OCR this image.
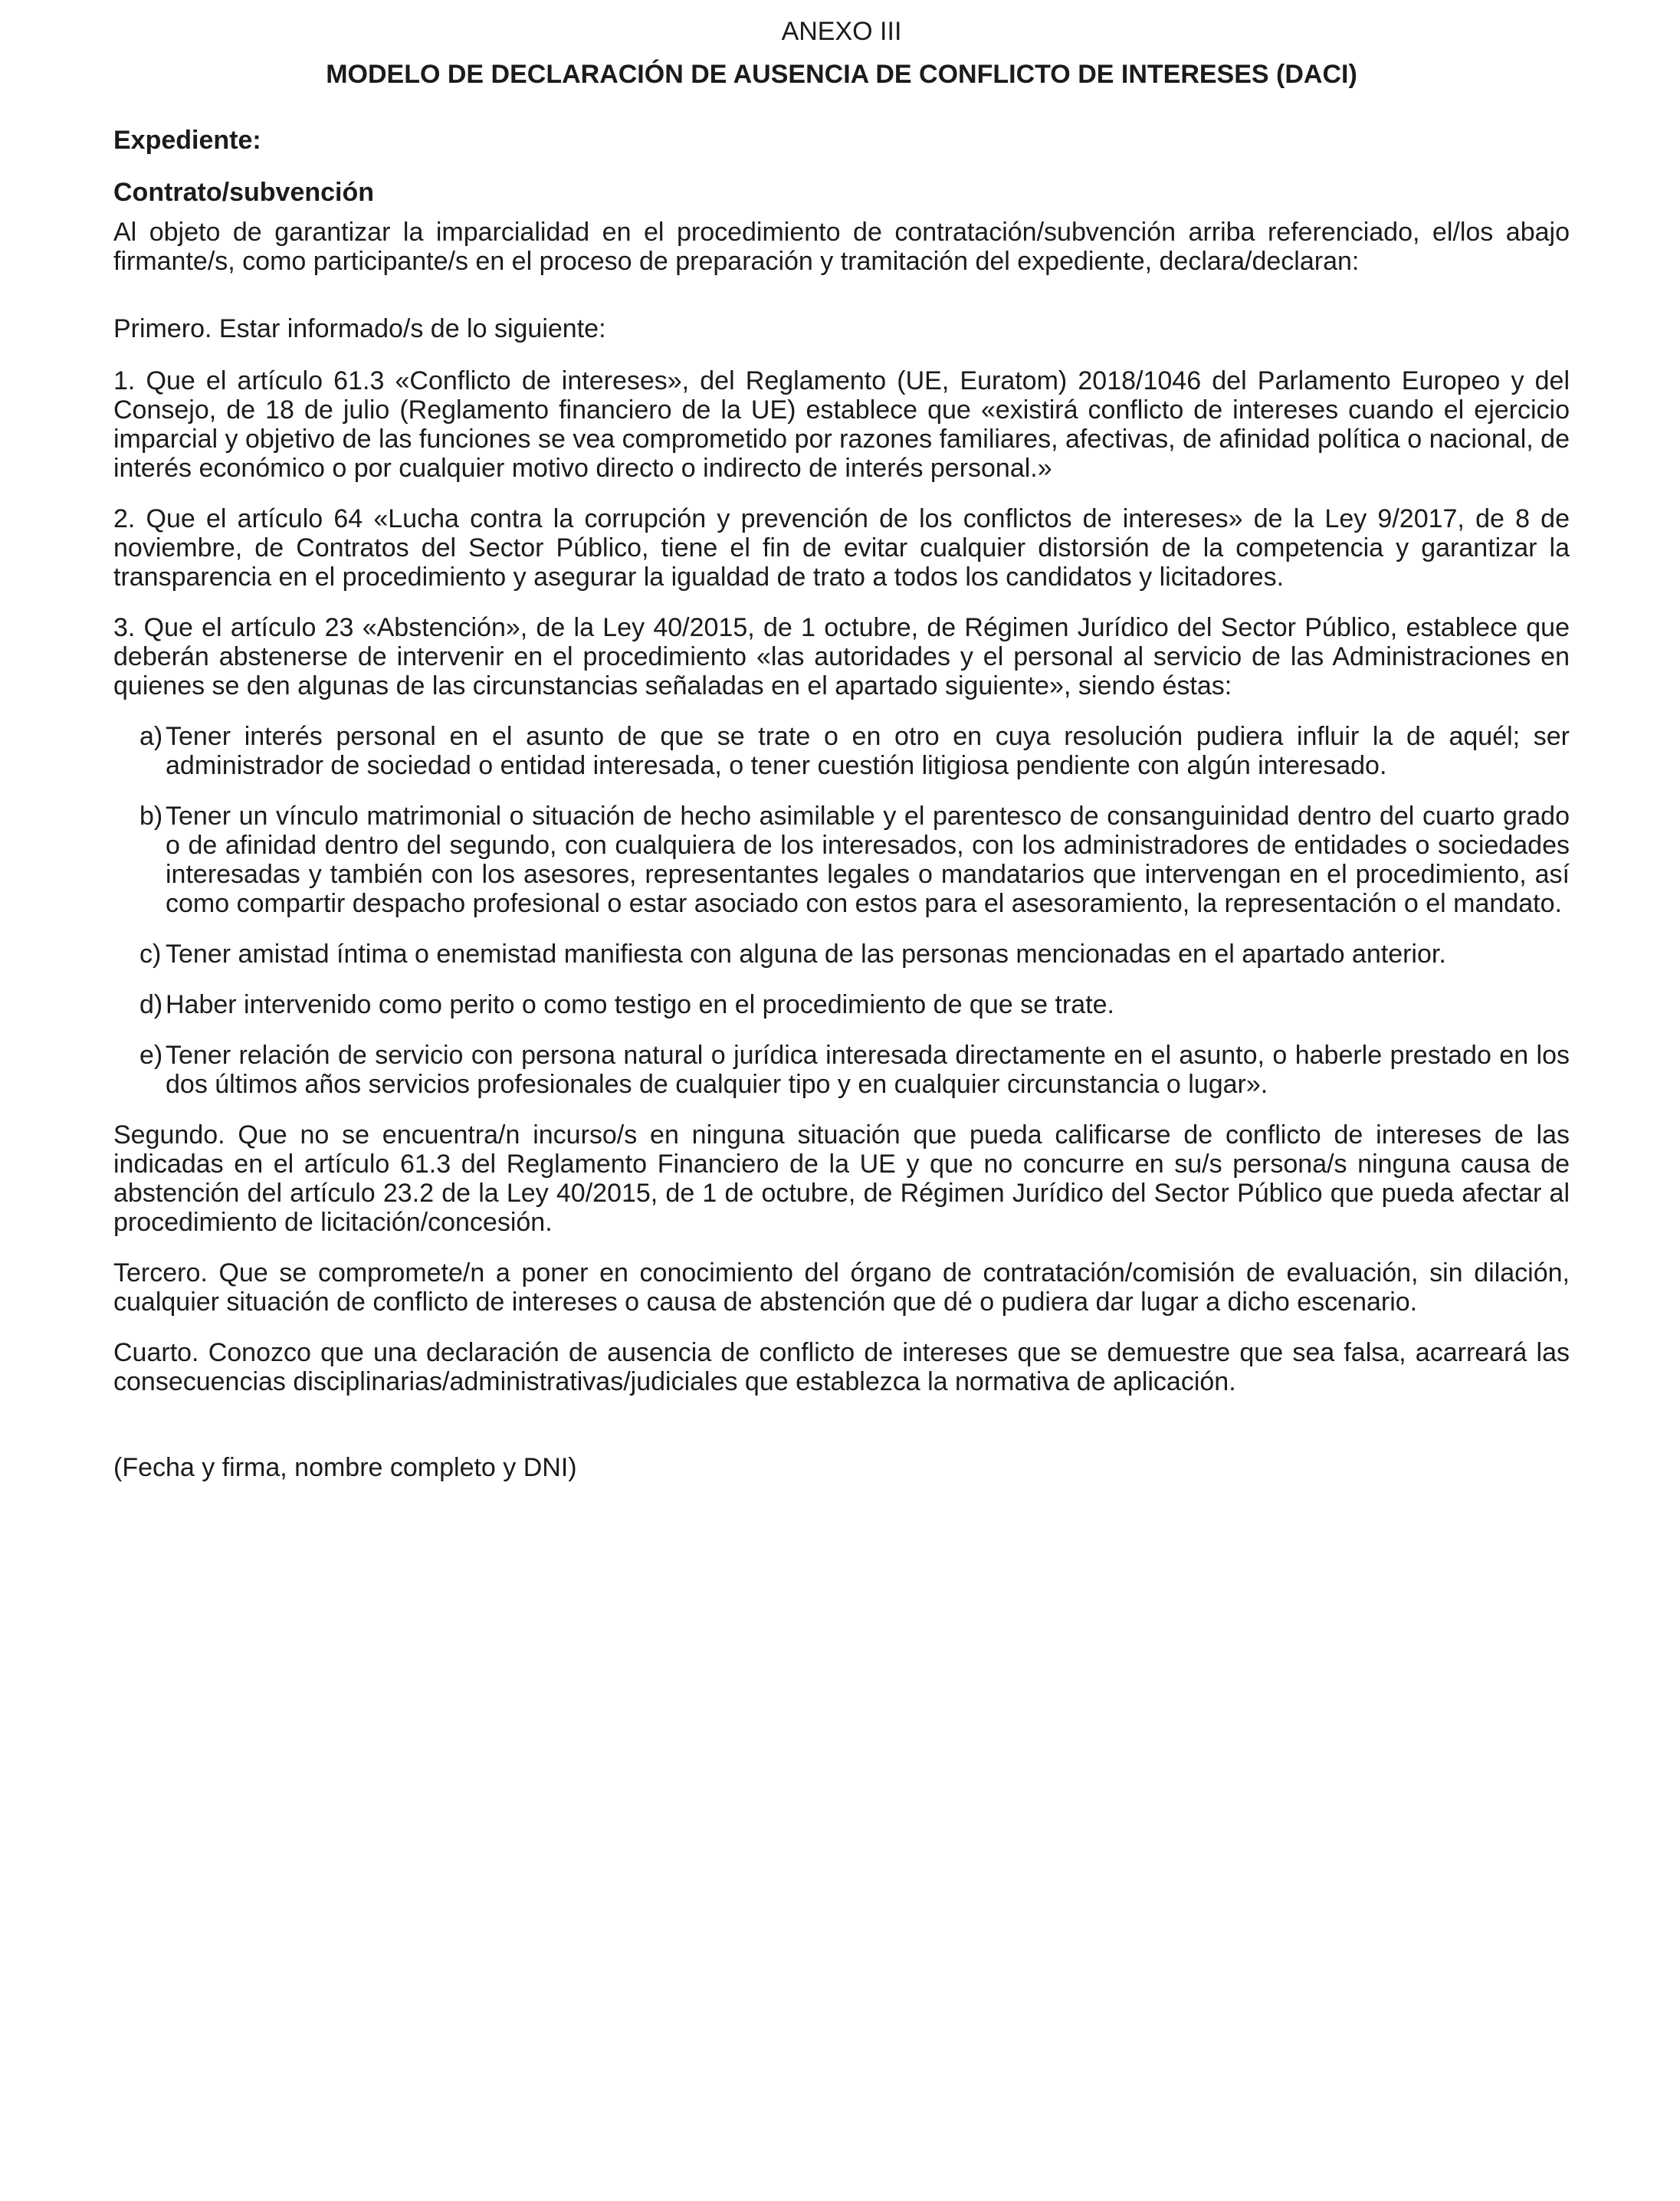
ANEXO III
MODELO DE DECLARACIÓN DE AUSENCIA DE CONFLICTO DE INTERESES (DACI)
Expediente:
Contrato/subvención
Al objeto de garantizar la imparcialidad en el procedimiento de contratación/subvención arriba referenciado, el/los abajo firmante/s, como participante/s en el proceso de preparación y tramitación del expediente, declara/declaran:
Primero. Estar informado/s de lo siguiente:
1. Que el artículo 61.3 «Conflicto de intereses», del Reglamento (UE, Euratom) 2018/1046 del Parlamento Europeo y del Consejo, de 18 de julio (Reglamento financiero de la UE) establece que «existirá conflicto de intereses cuando el ejercicio imparcial y objetivo de las funciones se vea comprometido por razones familiares, afectivas, de afinidad política o nacional, de interés económico o por cualquier motivo directo o indirecto de interés personal.»
2. Que el artículo 64 «Lucha contra la corrupción y prevención de los conflictos de intereses» de la Ley 9/2017, de 8 de noviembre, de Contratos del Sector Público, tiene el fin de evitar cualquier distorsión de la competencia y garantizar la transparencia en el procedimiento y asegurar la igualdad de trato a todos los candidatos y licitadores.
3. Que el artículo 23 «Abstención», de la Ley 40/2015, de 1 octubre, de Régimen Jurídico del Sector Público, establece que deberán abstenerse de intervenir en el procedimiento «las autoridades y el personal al servicio de las Administraciones en quienes se den algunas de las circunstancias señaladas en el apartado siguiente», siendo éstas:
a) Tener interés personal en el asunto de que se trate o en otro en cuya resolución pudiera influir la de aquél; ser administrador de sociedad o entidad interesada, o tener cuestión litigiosa pendiente con algún interesado.
b) Tener un vínculo matrimonial o situación de hecho asimilable y el parentesco de consanguinidad dentro del cuarto grado o de afinidad dentro del segundo, con cualquiera de los interesados, con los administradores de entidades o sociedades interesadas y también con los asesores, representantes legales o mandatarios que intervengan en el procedimiento, así como compartir despacho profesional o estar asociado con estos para el asesoramiento, la representación o el mandato.
c) Tener amistad íntima o enemistad manifiesta con alguna de las personas mencionadas en el apartado anterior.
d) Haber intervenido como perito o como testigo en el procedimiento de que se trate.
e) Tener relación de servicio con persona natural o jurídica interesada directamente en el asunto, o haberle prestado en los dos últimos años servicios profesionales de cualquier tipo y en cualquier circunstancia o lugar».
Segundo. Que no se encuentra/n incurso/s en ninguna situación que pueda calificarse de conflicto de intereses de las indicadas en el artículo 61.3 del Reglamento Financiero de la UE y que no concurre en su/s persona/s ninguna causa de abstención del artículo 23.2 de la Ley 40/2015, de 1 de octubre, de Régimen Jurídico del Sector Público que pueda afectar al procedimiento de licitación/concesión.
Tercero. Que se compromete/n a poner en conocimiento del órgano de contratación/comisión de evaluación, sin dilación, cualquier situación de conflicto de intereses o causa de abstención que dé o pudiera dar lugar a dicho escenario.
Cuarto. Conozco que una declaración de ausencia de conflicto de intereses que se demuestre que sea falsa, acarreará las consecuencias disciplinarias/administrativas/judiciales que establezca la normativa de aplicación.
(Fecha y firma, nombre completo y DNI)
